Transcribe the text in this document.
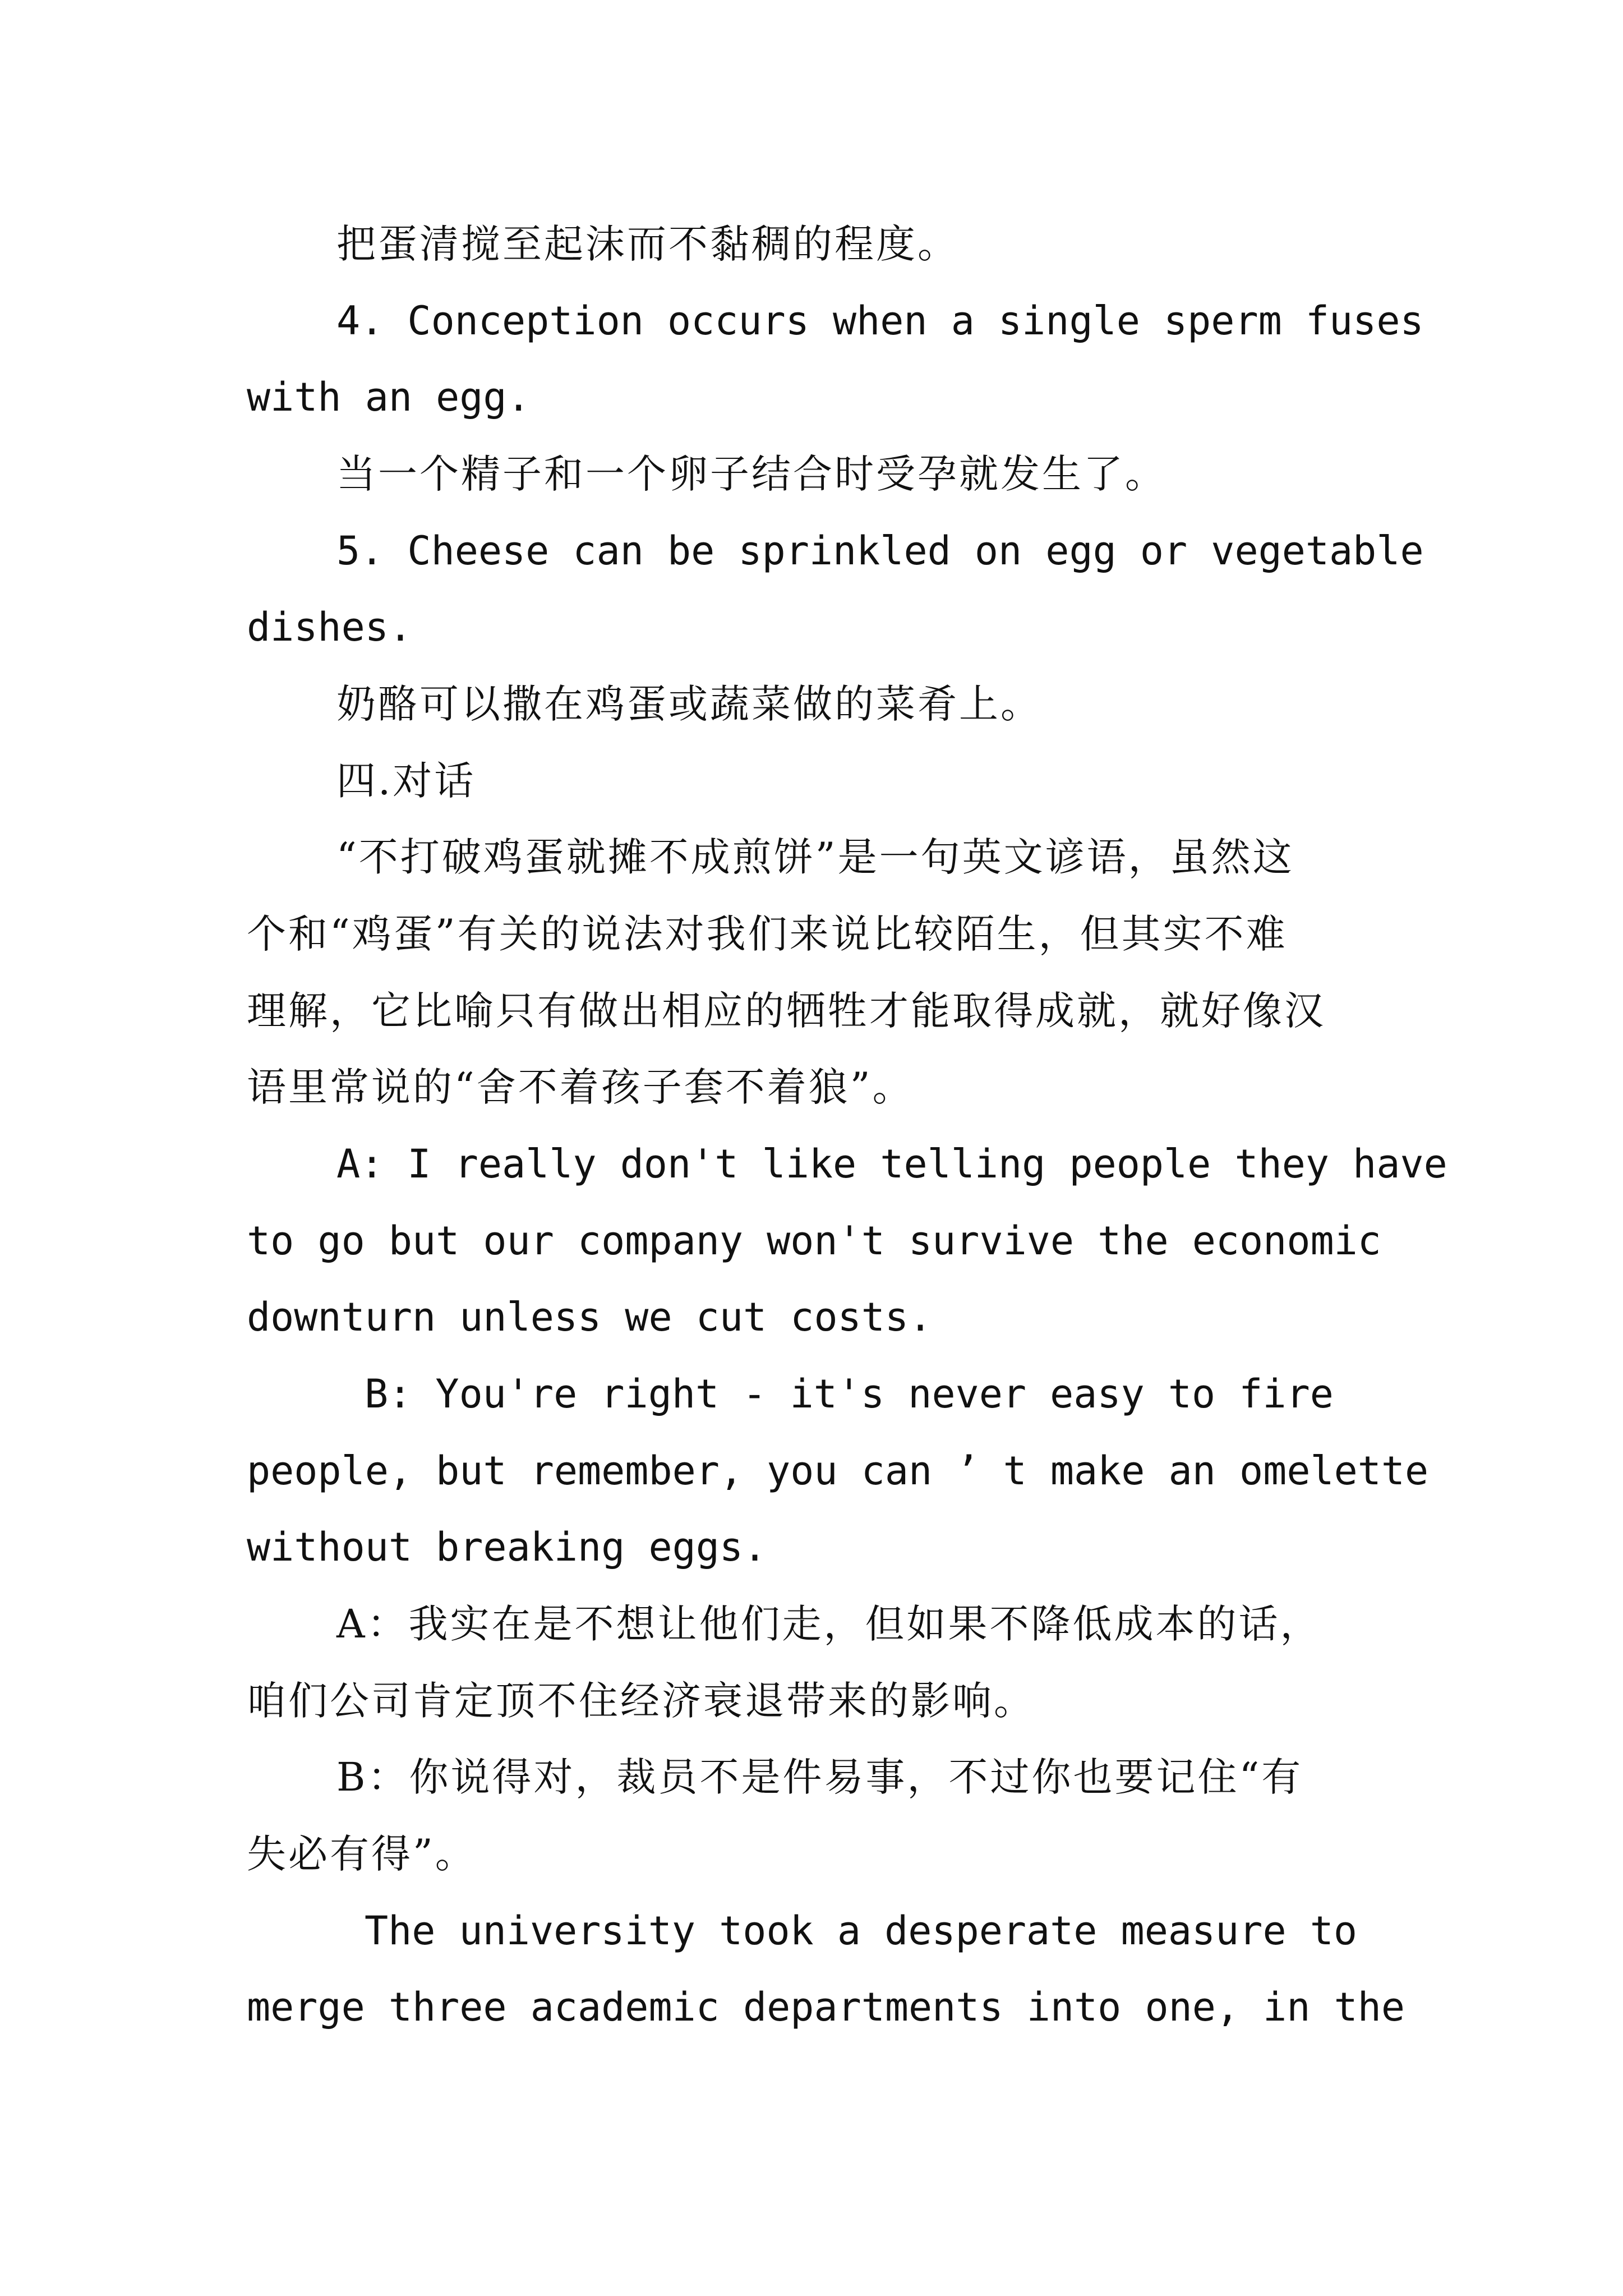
把蛋清搅至起沫而不黏稠的程度。

4. Conception occurs when a single sperm fuses

with an egg.

当一个精子和一个卵子结合时受孕就发生了。

5. Cheese can be sprinkled on egg or vegetable

dishes.

奶酪可以撒在鸡蛋或蔬菜做的菜肴上。

四.对话

“不打破鸡蛋就摊不成煎饼”是一句英文谚语，虽然这

个和“鸡蛋”有关的说法对我们来说比较陌生，但其实不难

理解，它比喻只有做出相应的牺牲才能取得成就，就好像汉

语里常说的“舍不着孩子套不着狼”。

A: I really don't like telling people they have

to go but our company won't survive the economic

downturn unless we cut costs.

B: You're right - it's never easy to fire

people, but remember, you can ’ t make an omelette

without breaking eggs.

A：我实在是不想让他们走，但如果不降低成本的话，

咱们公司肯定顶不住经济衰退带来的影响。

B：你说得对，裁员不是件易事，不过你也要记住“有

失必有得”。

The university took a desperate measure to

merge three academic departments into one, in the
